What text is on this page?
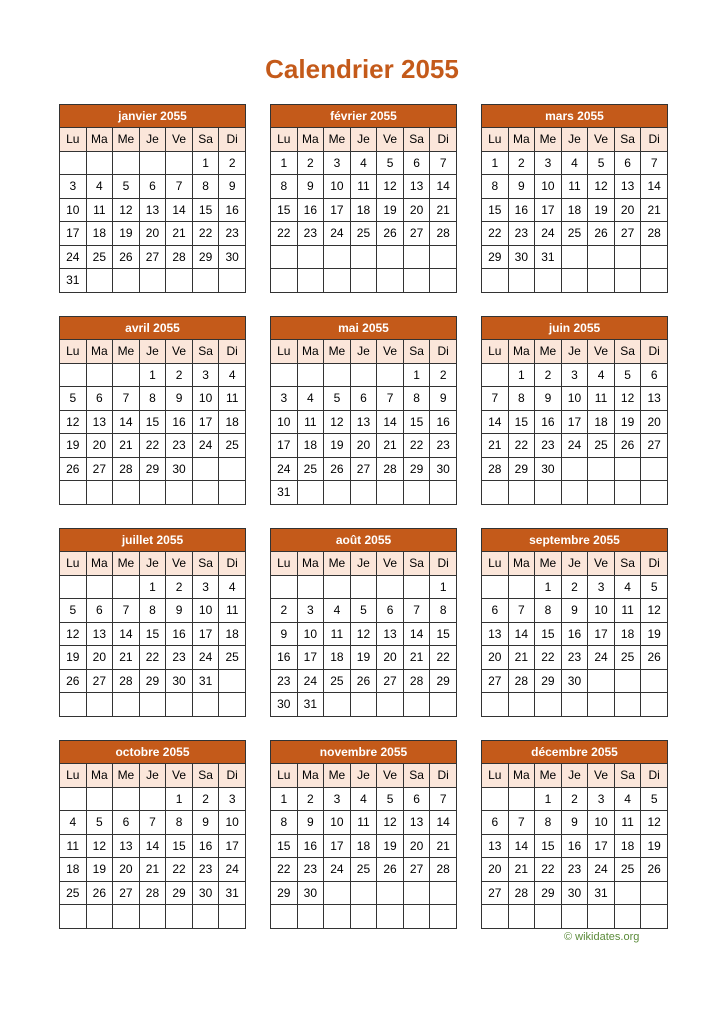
Calendrier 2055
janvier 2055						
Lu	Ma	Me	Je	Ve	Sa	Di
					1	2
3	4	5	6	7	8	9
10	11	12	13	14	15	16
17	18	19	20	21	22	23
24	25	26	27	28	29	30
31						
février 2055						
Lu	Ma	Me	Je	Ve	Sa	Di
1	2	3	4	5	6	7
8	9	10	11	12	13	14
15	16	17	18	19	20	21
22	23	24	25	26	27	28

mars 2055						
Lu	Ma	Me	Je	Ve	Sa	Di
1	2	3	4	5	6	7
8	9	10	11	12	13	14
15	16	17	18	19	20	21
22	23	24	25	26	27	28
29	30	31				

avril 2055						
Lu	Ma	Me	Je	Ve	Sa	Di
			1	2	3	4
5	6	7	8	9	10	11
12	13	14	15	16	17	18
19	20	21	22	23	24	25
26	27	28	29	30		

mai 2055						
Lu	Ma	Me	Je	Ve	Sa	Di
					1	2
3	4	5	6	7	8	9
10	11	12	13	14	15	16
17	18	19	20	21	22	23
24	25	26	27	28	29	30
31						
juin 2055						
Lu	Ma	Me	Je	Ve	Sa	Di
	1	2	3	4	5	6
7	8	9	10	11	12	13
14	15	16	17	18	19	20
21	22	23	24	25	26	27
28	29	30				

juillet 2055						
Lu	Ma	Me	Je	Ve	Sa	Di
			1	2	3	4
5	6	7	8	9	10	11
12	13	14	15	16	17	18
19	20	21	22	23	24	25
26	27	28	29	30	31	

août 2055						
Lu	Ma	Me	Je	Ve	Sa	Di
						1
2	3	4	5	6	7	8
9	10	11	12	13	14	15
16	17	18	19	20	21	22
23	24	25	26	27	28	29
30	31					
septembre 2055						
Lu	Ma	Me	Je	Ve	Sa	Di
		1	2	3	4	5
6	7	8	9	10	11	12
13	14	15	16	17	18	19
20	21	22	23	24	25	26
27	28	29	30			

octobre 2055						
Lu	Ma	Me	Je	Ve	Sa	Di
				1	2	3
4	5	6	7	8	9	10
11	12	13	14	15	16	17
18	19	20	21	22	23	24
25	26	27	28	29	30	31

novembre 2055						
Lu	Ma	Me	Je	Ve	Sa	Di
1	2	3	4	5	6	7
8	9	10	11	12	13	14
15	16	17	18	19	20	21
22	23	24	25	26	27	28
29	30					

décembre 2055						
Lu	Ma	Me	Je	Ve	Sa	Di
		1	2	3	4	5
6	7	8	9	10	11	12
13	14	15	16	17	18	19
20	21	22	23	24	25	26
27	28	29	30	31		

© wikidates.org
